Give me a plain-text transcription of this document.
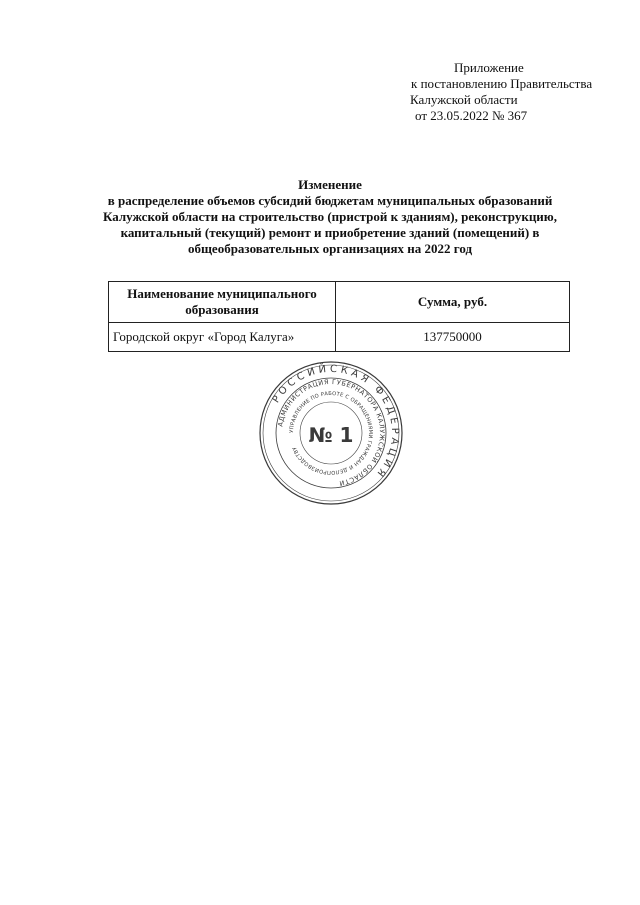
Приложение
к постановлению Правительства
Калужской области
от 23.05.2022 № 367
Изменение
в распределение объемов субсидий бюджетам муниципальных образований
Калужской области на строительство (пристрой к зданиям), реконструкцию,
капитальный (текущий) ремонт и приобретение зданий (помещений) в
общеобразовательных организациях на 2022 год
Наименование муниципального образования	Сумма, руб.
Городской округ «Город Калуга»	137750000
РОССИЙСКАЯ ФЕДЕРАЦИЯ
АДМИНИСТРАЦИЯ ГУБЕРНАТОРА КАЛУЖСКОЙ ОБЛАСТИ
УПРАВЛЕНИЕ ПО РАБОТЕ С ОБРАЩЕНИЯМИ ГРАЖДАН И ДЕЛОПРОИЗВОДСТВУ
№ 1
